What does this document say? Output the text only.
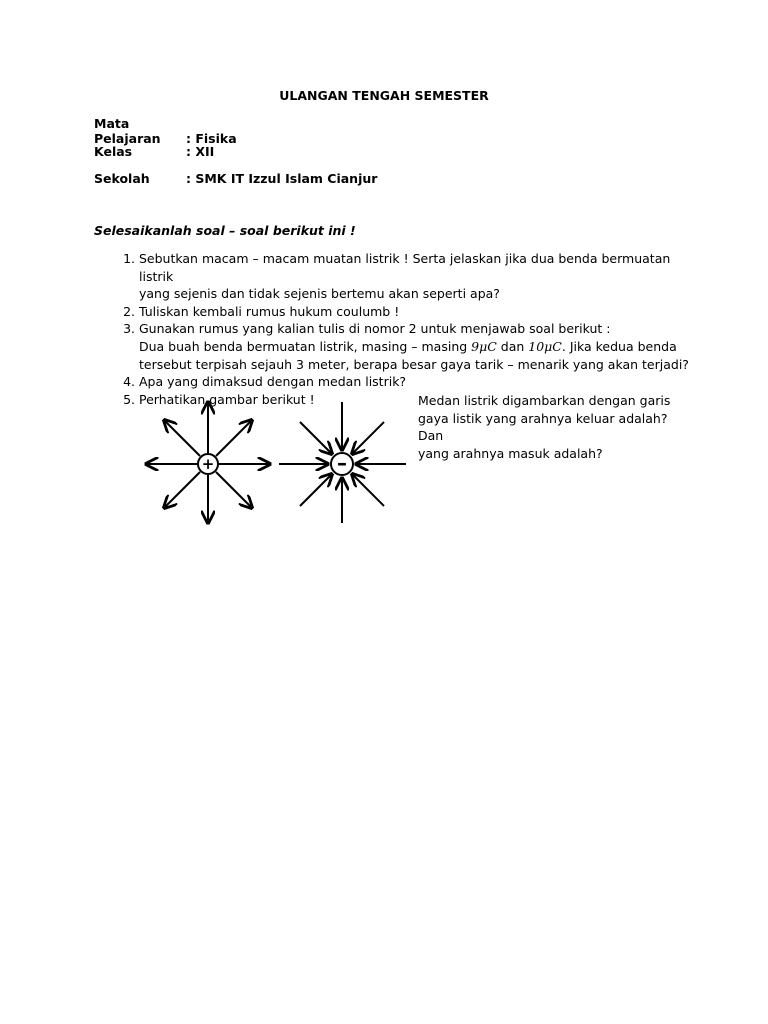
ULANGAN TENGAH SEMESTER
Mata Pelajaran : Fisika
Kelas	: XII
Sekolah	: SMK IT Izzul Islam Cianjur
Selesaikanlah soal – soal berikut ini !
1. Sebutkan macam – macam muatan listrik ! Serta jelaskan jika dua benda bermuatan listrik
yang sejenis dan tidak sejenis bertemu akan seperti apa?
2. Tuliskan kembali rumus hukum coulumb !
3. Gunakan rumus yang kalian tulis di nomor 2 untuk menjawab soal berikut :
Dua buah benda bermuatan listrik, masing – masing 9μC dan 10μC. Jika kedua benda
tersebut terpisah sejauh 3 meter, berapa besar gaya tarik – menarik yang akan terjadi?
4. Apa yang dimaksud dengan medan listrik?
5. Perhatikan gambar berikut !
+	–
Medan listrik digambarkan dengan garis
gaya listik yang arahnya keluar adalah? Dan
yang arahnya masuk adalah?
